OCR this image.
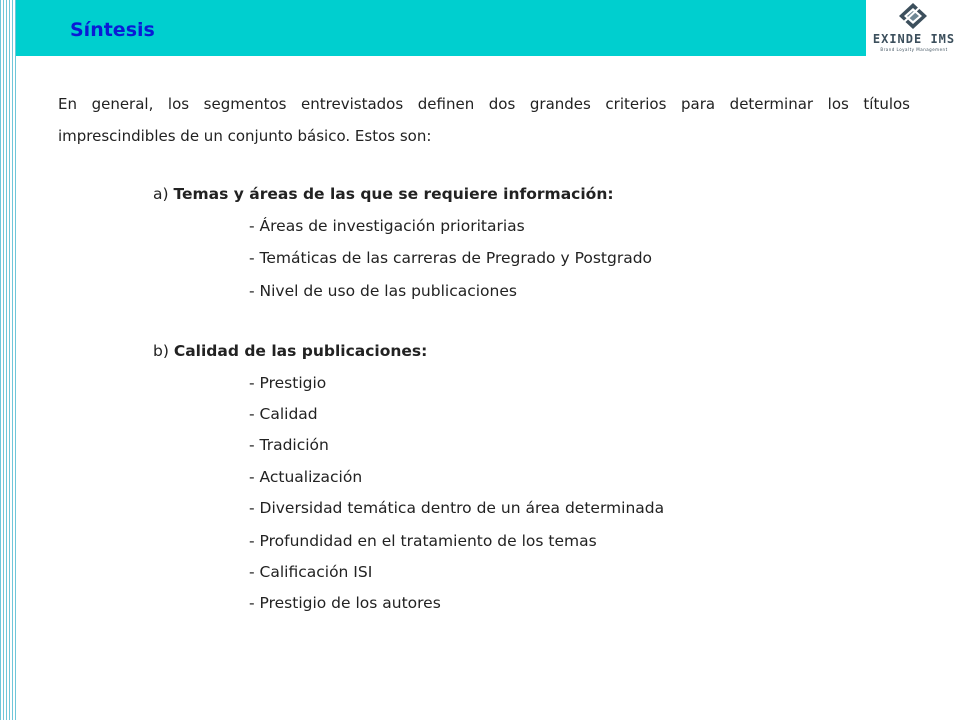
Síntesis	EXINDE IMS
Brand Loyalty Management
En general, los segmentos entrevistados definen dos grandes criterios para determinar los títulos imprescindibles de un conjunto básico. Estos son:
a) Temas y áreas de las que se requiere información:
- Áreas de investigación prioritarias
- Temáticas de las carreras de Pregrado y Postgrado
- Nivel de uso de las publicaciones
b) Calidad de las publicaciones:
- Prestigio
- Calidad
- Tradición
- Actualización
- Diversidad temática dentro de un área determinada
- Profundidad en el tratamiento de los temas
- Calificación ISI
- Prestigio de los autores
